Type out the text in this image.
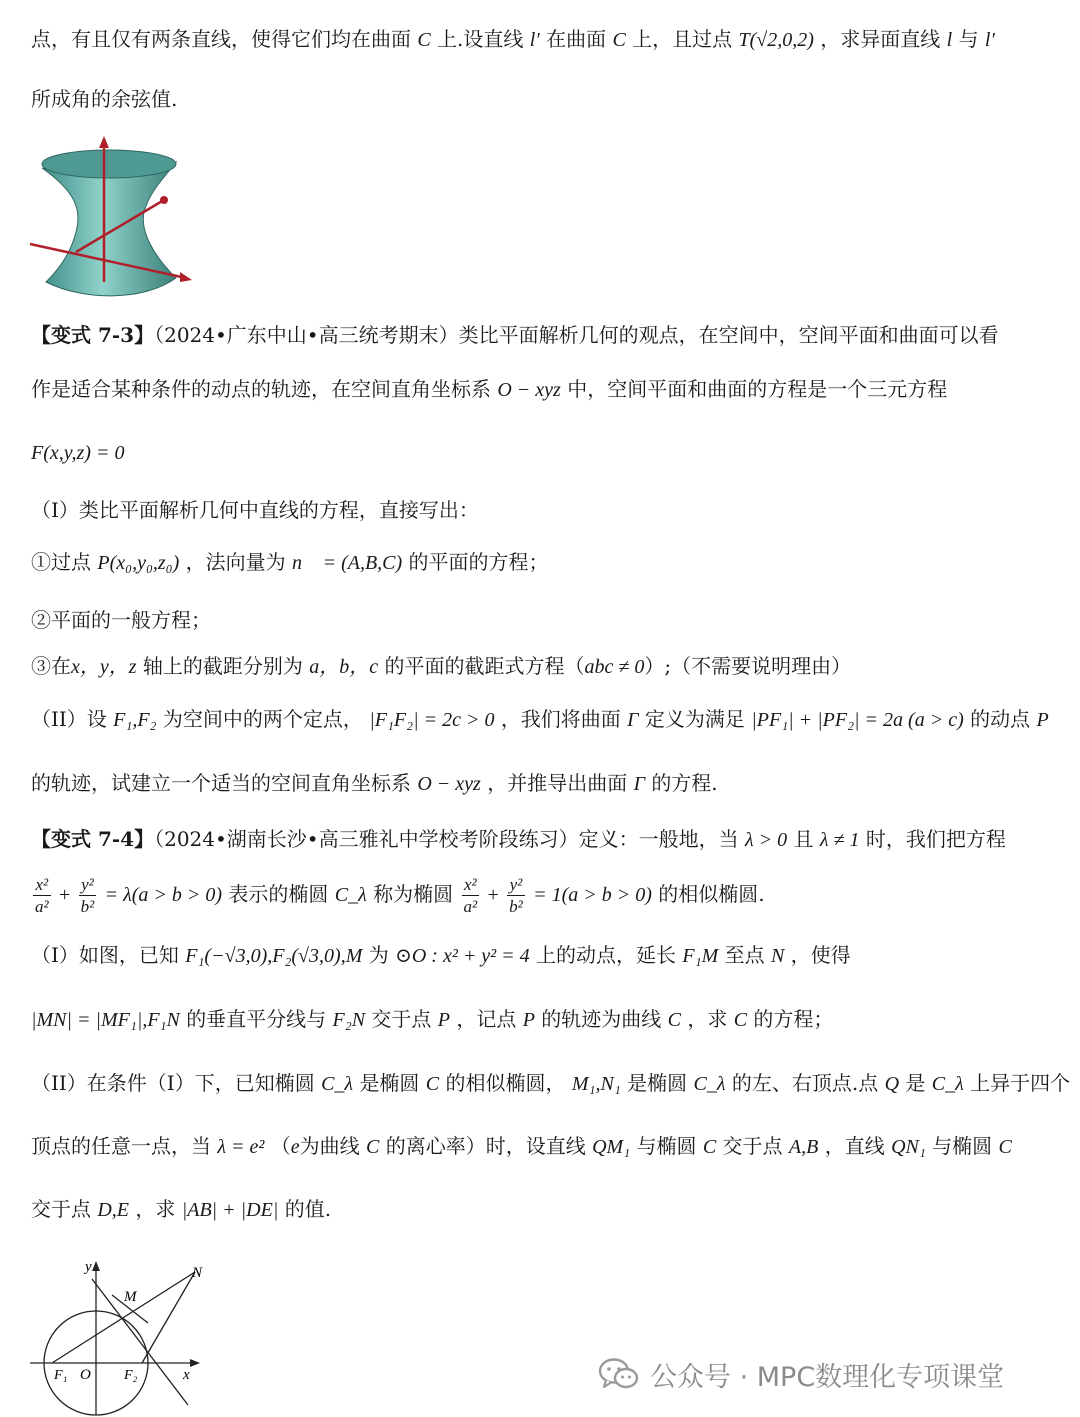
点，有且仅有两条直线，使得它们均在曲面 C 上.设直线 l′ 在曲面 C 上，且过点 T(√2,0,2) ，求异面直线 l 与 l′
所成角的余弦值.
【变式 7-3】（2024•广东中山•高三统考期末）类比平面解析几何的观点，在空间中，空间平面和曲面可以看
作是适合某种条件的动点的轨迹，在空间直角坐标系 O − xyz 中，空间平面和曲面的方程是一个三元方程
F(x,y,z) = 0
（I）类比平面解析几何中直线的方程，直接写出：
①过点 P(x₀,y₀,z₀) ，法向量为 n⃗ = (A,B,C) 的平面的方程；
②平面的一般方程；
③在x，y，z 轴上的截距分别为 a，b，c 的平面的截距式方程（abc ≠ 0）;（不需要说明理由）
（II）设 F₁,F₂ 为空间中的两个定点， |F₁F₂| = 2c > 0 ，我们将曲面 Γ 定义为满足 |PF₁| + |PF₂| = 2a (a > c) 的动点 P
的轨迹，试建立一个适当的空间直角坐标系 O − xyz ，并推导出曲面 Γ 的方程.
【变式 7-4】（2024•湖南长沙•高三雅礼中学校考阶段练习）定义：一般地，当 λ > 0 且 λ ≠ 1 时，我们把方程
$\frac{\text{x²}}{\text{a²}} + \frac{\text{y²}}{\text{b²}} = \lambda(a > b > 0)$ 表示的椭圆 C_λ 称为椭圆 $\frac{\text{x²}}{\text{a²}} + \frac{\text{y²}}{\text{b²}} = 1(a > b > 0)$ 的相似椭圆.
（I）如图，已知 F₁(−√3,0),F₂(√3,0),M 为 ⊙O : x² + y² = 4 上的动点，延长 F₁M 至点 N ，使得
|MN| = |MF₁|,F₁N 的垂直平分线与 F₂N 交于点 P ，记点 P 的轨迹为曲线 C ，求 C 的方程；
（II）在条件（I）下，已知椭圆 C_λ 是椭圆 C 的相似椭圆， M₁,N₁ 是椭圆 C_λ 的左、右顶点.点 Q 是 C_λ 上异于四个
顶点的任意一点，当 λ = e² （e为曲线 C 的离心率）时，设直线 QM₁ 与椭圆 C 交于点 A,B ，直线 QN₁ 与椭圆 C
交于点 D,E ，求 |AB| + |DE| 的值.
y	N
M
F₁ O F₂	x	公众号 · MPC数理化专项课堂
